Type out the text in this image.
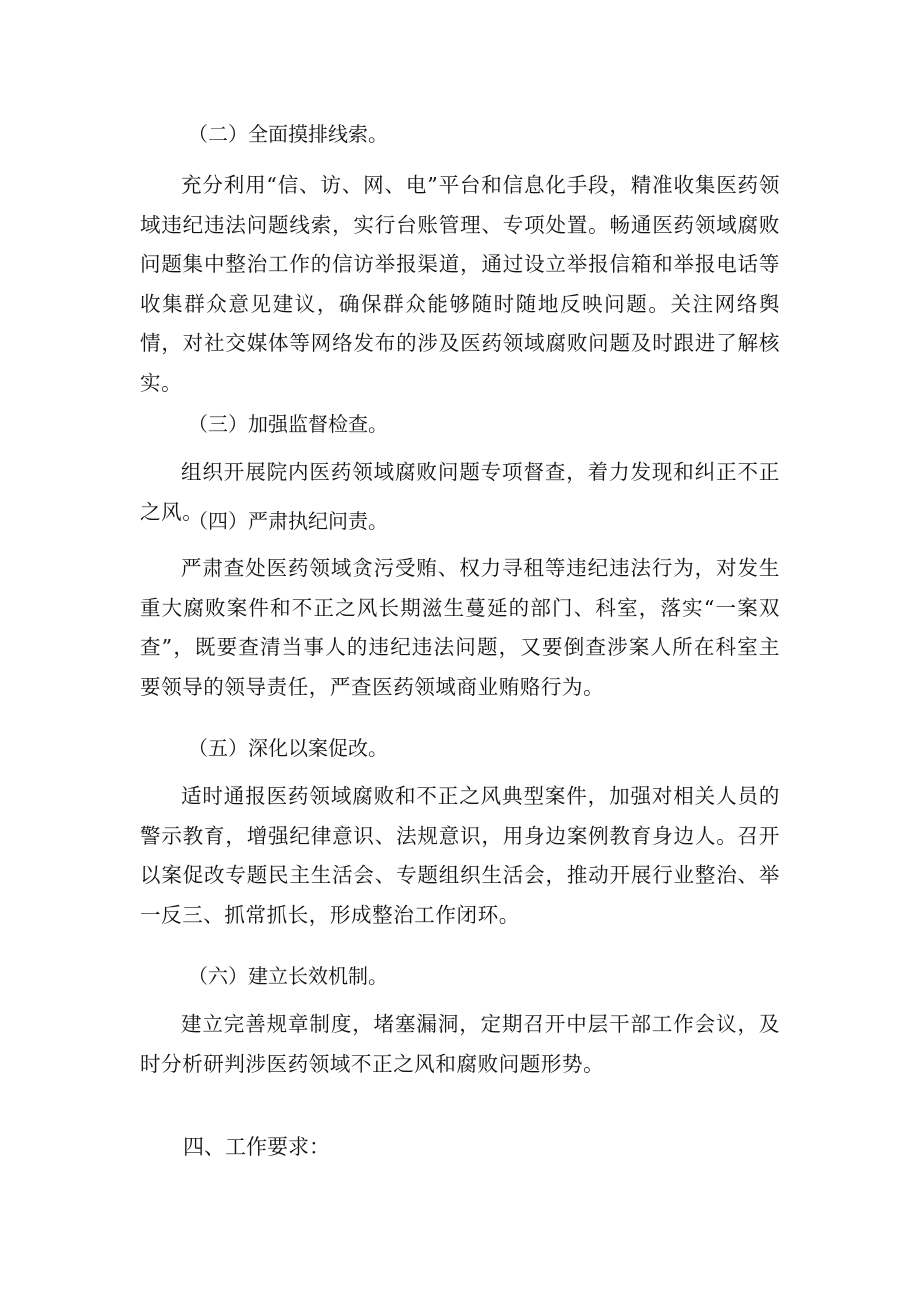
（二）全面摸排线索。
充分利用“信、访、网、电”平台和信息化手段，精准收集医药领域违纪违法问题线索，实行台账管理、专项处置。畅通医药领域腐败问题集中整治工作的信访举报渠道，通过设立举报信箱和举报电话等收集群众意见建议，确保群众能够随时随地反映问题。关注网络舆情，对社交媒体等网络发布的涉及医药领域腐败问题及时跟进了解核实。
（三）加强监督检查。
组织开展院内医药领域腐败问题专项督查，着力发现和纠正不正之风。
（四）严肃执纪问责。
严肃查处医药领域贪污受贿、权力寻租等违纪违法行为，对发生重大腐败案件和不正之风长期滋生蔓延的部门、科室，落实“一案双查”，既要查清当事人的违纪违法问题，又要倒查涉案人所在科室主要领导的领导责任，严查医药领域商业贿赂行为。
（五）深化以案促改。
适时通报医药领域腐败和不正之风典型案件，加强对相关人员的警示教育，增强纪律意识、法规意识，用身边案例教育身边人。召开以案促改专题民主生活会、专题组织生活会，推动开展行业整治、举一反三、抓常抓长，形成整治工作闭环。
（六）建立长效机制。
建立完善规章制度，堵塞漏洞，定期召开中层干部工作会议，及时分析研判涉医药领域不正之风和腐败问题形势。
四、工作要求：
